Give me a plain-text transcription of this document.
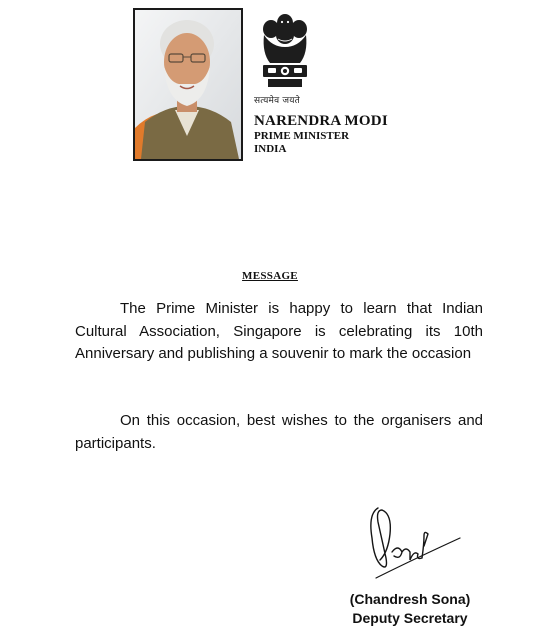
सत्यमेव जयते
NARENDRA MODI
PRIME MINISTER
INDIA
MESSAGE

The Prime Minister is happy to learn that Indian Cultural Association, Singapore is celebrating its 10th Anniversary and publishing a souvenir to mark the occasion

On this occasion, best wishes to the organisers and participants.

(Chandresh Sona)
Deputy Secretary
